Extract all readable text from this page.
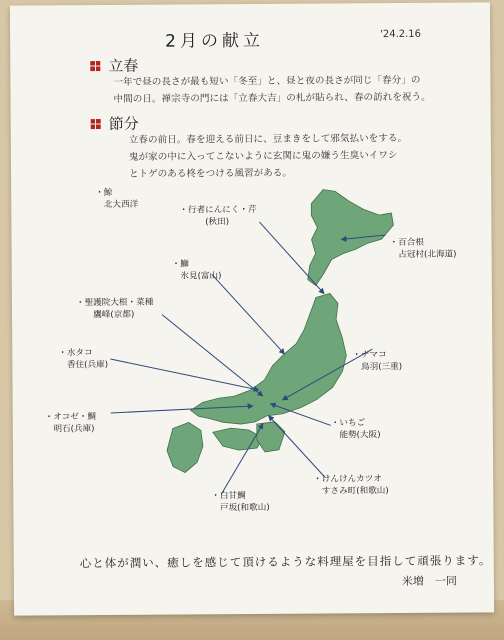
2月の献立	'24.2.16
立春
一年で昼の長さが最も短い「冬至」と、昼と夜の長さが同じ「春分」の
中間の日。禅宗寺の門には「立春大吉」の札が貼られ、春の訪れを祝う。
節分
立春の前日。春を迎える前日に、豆まきをして邪気払いをする。
鬼が家の中に入ってこないように玄関に鬼の嫌う生臭いイワシ
とトゲのある柊をつける風習がある。
・鯨
　北大西洋
・行者にんにく・芹
　　　(秋田)
・百合根
　占冠村(北海道)
・鰤
　氷見(富山)
・聖護院大根・菜種
　　鷹峰(京都)
・水タコ
　香住(兵庫)
・ナマコ
　鳥羽(三重)
・オコゼ・鯛
　明石(兵庫)
・いちご
　能勢(大阪)
・けんけんカツオ
　すさみ町(和歌山)
・白甘鯛
　戸坂(和歌山)
心と体が潤い、癒しを感じて頂けるような料理屋を目指して頑張ります。
米増　一同
